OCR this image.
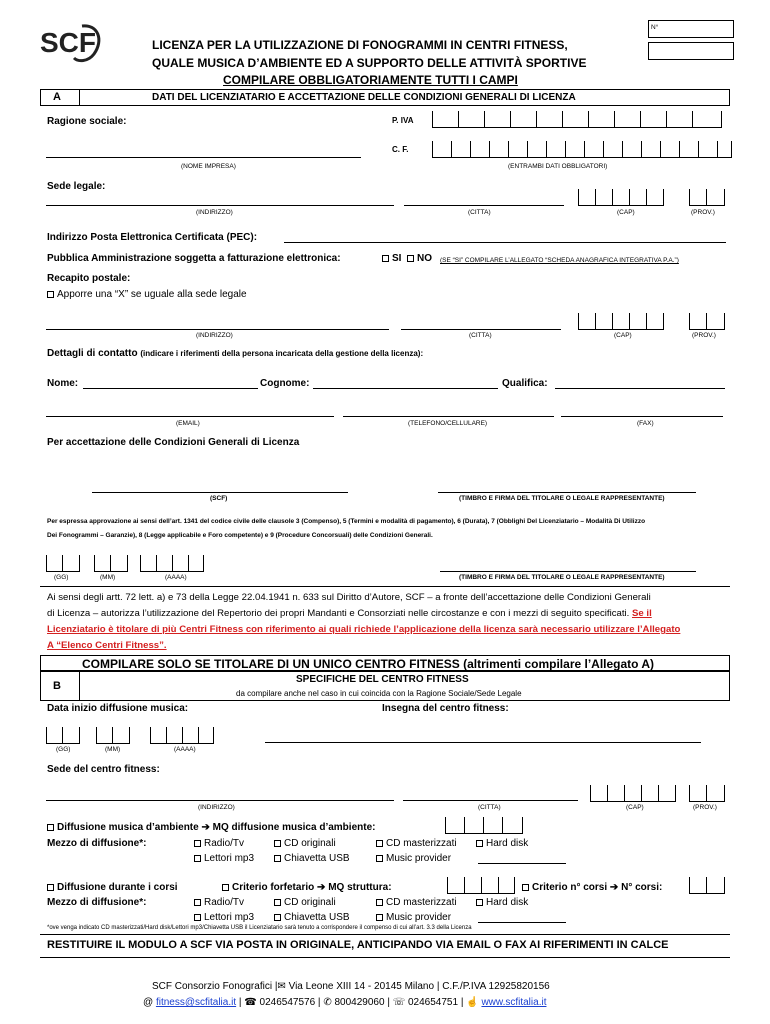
SCF	LICENZA PER LA UTILIZZAZIONE DI FONOGRAMMI IN CENTRI FITNESS,
QUALE MUSICA D’AMBIENTE ED A SUPPORTO DELLE ATTIVITÀ SPORTIVE
COMPILARE OBBLIGATORIAMENTE TUTTI I CAMPI
N°
A	DATI DEL LICENZIATARIO E ACCETTAZIONE DELLE CONDIZIONI GENERALI DI LICENZA
Ragione sociale:	P. IVA
C. F.
(NOME IMPRESA)	(ENTRAMBI DATI OBBLIGATORI)
Sede legale:
(INDIRIZZO)	(CITTA)	(CAP)	(PROV.)
Indirizzo Posta Elettronica Certificata (PEC):
Pubblica Amministrazione soggetta a fatturazione elettronica:	SI	NO (SE “SI” COMPILARE L’ALLEGATO “SCHEDA ANAGRAFICA INTEGRATIVA P.A.”)
Recapito postale:
Apporre una “X” se uguale alla sede legale
(INDIRIZZO)	(CITTA)	(CAP)	(PROV.)
Dettagli di contatto (indicare i riferimenti della persona incaricata della gestione della licenza):
Nome:	Cognome:	Qualifica:
(EMAIL)	(TELEFONO/CELLULARE)	(FAX)
Per accettazione delle Condizioni Generali di Licenza
(SCF)	(TIMBRO E FIRMA DEL TITOLARE O LEGALE RAPPRESENTANTE)
Per espressa approvazione ai sensi dell’art. 1341 del codice civile delle clausole 3 (Compenso), 5 (Termini e modalità di pagamento), 6 (Durata), 7 (Obblighi Del Licenziatario – Modalità Di Utilizzo
Dei Fonogrammi – Garanzie), 8 (Legge applicabile e Foro competente) e 9 (Procedure Concorsuali) delle Condizioni Generali.
(GG)	(MM)	(AAAA)	(TIMBRO E FIRMA DEL TITOLARE O LEGALE RAPPRESENTANTE)
Ai sensi degli artt. 72 lett. a) e 73 della Legge 22.04.1941 n. 633 sul Diritto d’Autore, SCF – a fronte dell’accettazione delle Condizioni Generali
di Licenza – autorizza l’utilizzazione del Repertorio dei propri Mandanti e Consorziati nelle circostanze e con i mezzi di seguito specificati. Se il
Licenziatario è titolare di più Centri Fitness con riferimento ai quali richiede l’applicazione della licenza sarà necessario utilizzare l’Allegato
A “Elenco Centri Fitness”.
COMPILARE SOLO SE TITOLARE DI UN UNICO CENTRO FITNESS (altrimenti compilare l’Allegato A)
B
SPECIFICHE DEL CENTRO FITNESS
da compilare anche nel caso in cui coincida con la Ragione Sociale/Sede Legale
Data inizio diffusione musica:	Insegna del centro fitness:
(GG)	(MM)	(AAAA)
Sede del centro fitness:
(INDIRIZZO)	(CITTA)	(CAP)	(PROV.)
Diffusione musica d’ambiente ➔ MQ diffusione musica d’ambiente:
Mezzo di diffusione*:	Radio/Tv	CD originali	CD masterizzati	Hard disk
Lettori mp3	Chiavetta USB	Music provider
Diffusione durante i corsi	Criterio forfetario ➔ MQ struttura:	Criterio n° corsi ➔ N° corsi:
Mezzo di diffusione*:	Radio/Tv	CD originali	CD masterizzati	Hard disk
Lettori mp3	Chiavetta USB	Music provider
*ove venga indicato CD masterizzati/Hard disk/Lettori mp3/Chiavetta USB il Licenziatario sarà tenuto a corrispondere il compenso di cui all’art. 3.3 della Licenza
RESTITUIRE IL MODULO A SCF VIA POSTA IN ORIGINALE, ANTICIPANDO VIA EMAIL O FAX AI RIFERIMENTI IN CALCE
SCF Consorzio Fonografici |✉ Via Leone XIII 14 - 20145 Milano | C.F./P.IVA 12925820156
@ fitness@scfitalia.it | ☎ 0246547576 | ✆ 800429060 | ☏ 024654751 | ☝ www.scfitalia.it
